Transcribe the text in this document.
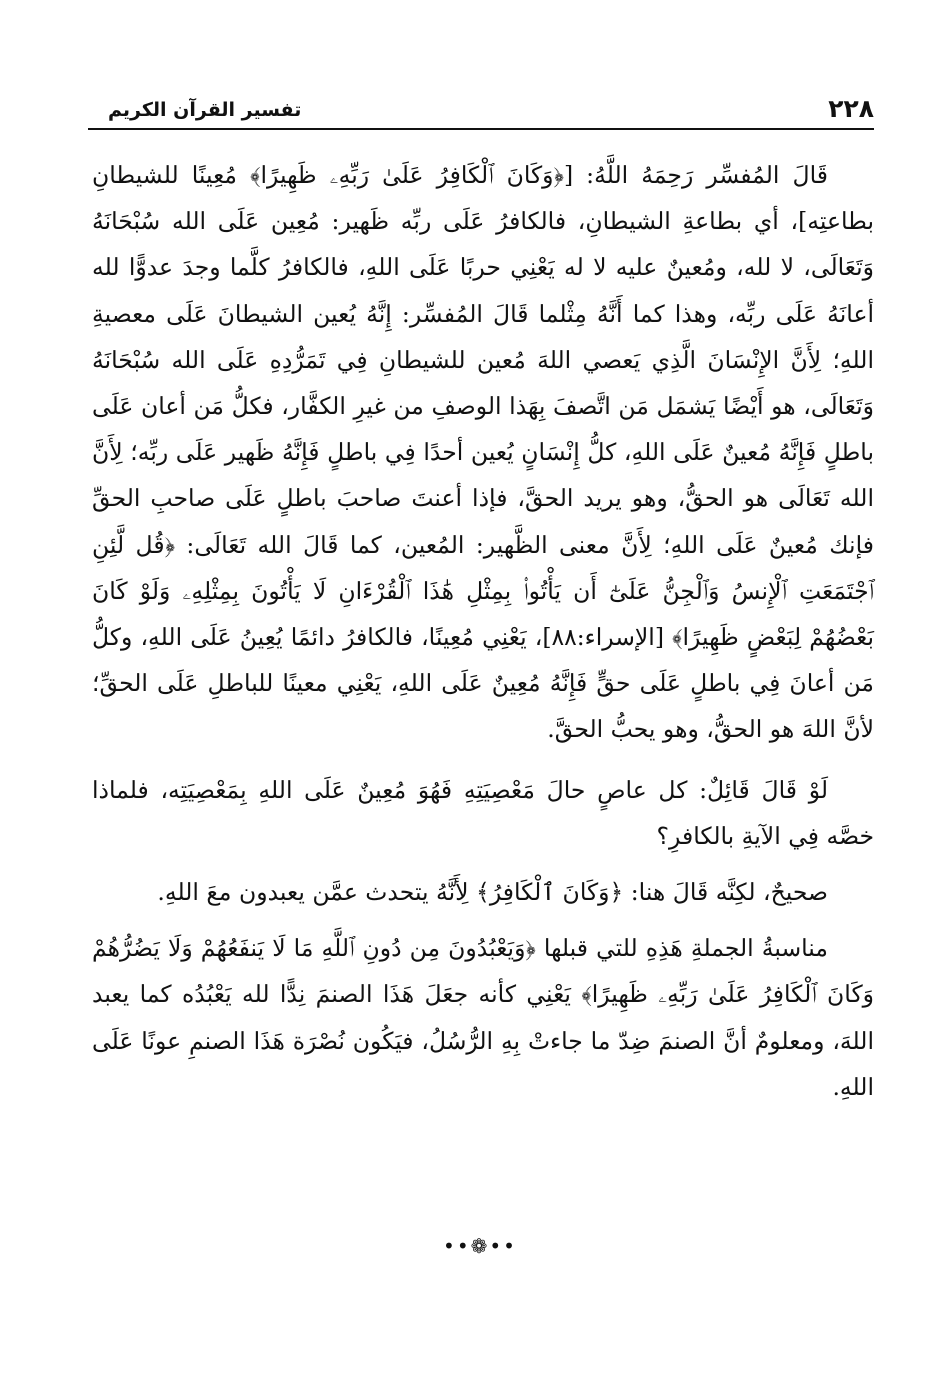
٢٢٨
تفسير القرآن الكريم

قَالَ المُفسِّر رَحِمَهُ اللَّهُ: [﴿وَكَانَ ٱلْكَافِرُ عَلَىٰ رَبِّهِۦ ظَهِيرًا﴾ مُعِينًا للشيطانِ بطاعتِه]، أي بطاعةِ الشيطانِ، فالكافرُ عَلَى ربِّه ظَهير: مُعِين عَلَى الله سُبْحَانَهُ وَتَعَالَى، لا لله، ومُعينٌ عليه لا له يَعْنِي حربًا عَلَى اللهِ، فالكافرُ كلَّما وجدَ عدوًّا لله أعانَهُ عَلَى ربِّه، وهذا كما أَنَّهُ مِثْلما قَالَ المُفسِّر: إِنَّهُ يُعين الشيطانَ عَلَى معصيةِ اللهِ؛ لِأَنَّ الإِنْسَانَ الَّذِي يَعصي اللهَ مُعين للشيطانِ فِي تَمَرُّدِهِ عَلَى الله سُبْحَانَهُ وَتَعَالَى، هو أَيْضًا يَشمَل مَن اتَّصفَ بِهَذا الوصفِ من غيرِ الكفَّار، فكلُّ مَن أعان عَلَى باطلٍ فَإِنَّهُ مُعينٌ عَلَى اللهِ، كلُّ إِنْسَانٍ يُعين أحدًا فِي باطلٍ فَإِنَّهُ ظَهير عَلَى ربِّه؛ لِأَنَّ الله تَعَالَى هو الحقُّ، وهو يريد الحقَّ، فإذا أعنتَ صاحبَ باطلٍ عَلَى صاحبِ الحقِّ فإنك مُعينٌ عَلَى اللهِ؛ لِأَنَّ معنى الظَّهير: المُعين، كما قَالَ الله تَعَالَى: ﴿قُل لَّئِنِ ٱجْتَمَعَتِ ٱلْإِنسُ وَٱلْجِنُّ عَلَىٰٓ أَن يَأْتُوا۟ بِمِثْلِ هَٰذَا ٱلْقُرْءَانِ لَا يَأْتُونَ بِمِثْلِهِۦ وَلَوْ كَانَ بَعْضُهُمْ لِبَعْضٍ ظَهِيرًا﴾ [الإسراء:٨٨]، يَعْنِي مُعِينًا، فالكافرُ دائمًا يُعِينُ عَلَى اللهِ، وكلُّ مَن أعانَ فِي باطلٍ عَلَى حقٍّ فَإِنَّهُ مُعِينٌ عَلَى اللهِ، يَعْنِي معينًا للباطلِ عَلَى الحقِّ؛ لأنَّ اللهَ هو الحقُّ، وهو يحبُّ الحقَّ.

لَوْ قَالَ قَائِلٌ: كل عاصٍ حالَ مَعْصِيَتِهِ فَهُوَ مُعِينٌ عَلَى اللهِ بِمَعْصِيَتِه، فلماذا خصَّه فِي الآيةِ بالكافرِ؟

صحيحٌ، لكِنَّه قَالَ هنا: ﴿وَكَانَ ٱلْكَافِرُ﴾ لِأَنَّهُ يتحدث عمَّن يعبدون معَ اللهِ.

مناسبةُ الجملةِ هَذِهِ للتي قبلها ﴿وَيَعْبُدُونَ مِن دُونِ ٱللَّهِ مَا لَا يَنفَعُهُمْ وَلَا يَضُرُّهُمْ وَكَانَ ٱلْكَافِرُ عَلَىٰ رَبِّهِۦ ظَهِيرًا﴾ يَعْنِي كأنه جعَلَ هَذَا الصنمَ نِدًّا لله يَعْبُدُه كما يعبد اللهَ، ومعلومٌ أنَّ الصنمَ ضِدّ ما جاءتْ بِهِ الرُّسُلُ، فيَكُون نُصْرَة هَذَا الصنمِ عونًا عَلَى اللهِ.

••❁••
